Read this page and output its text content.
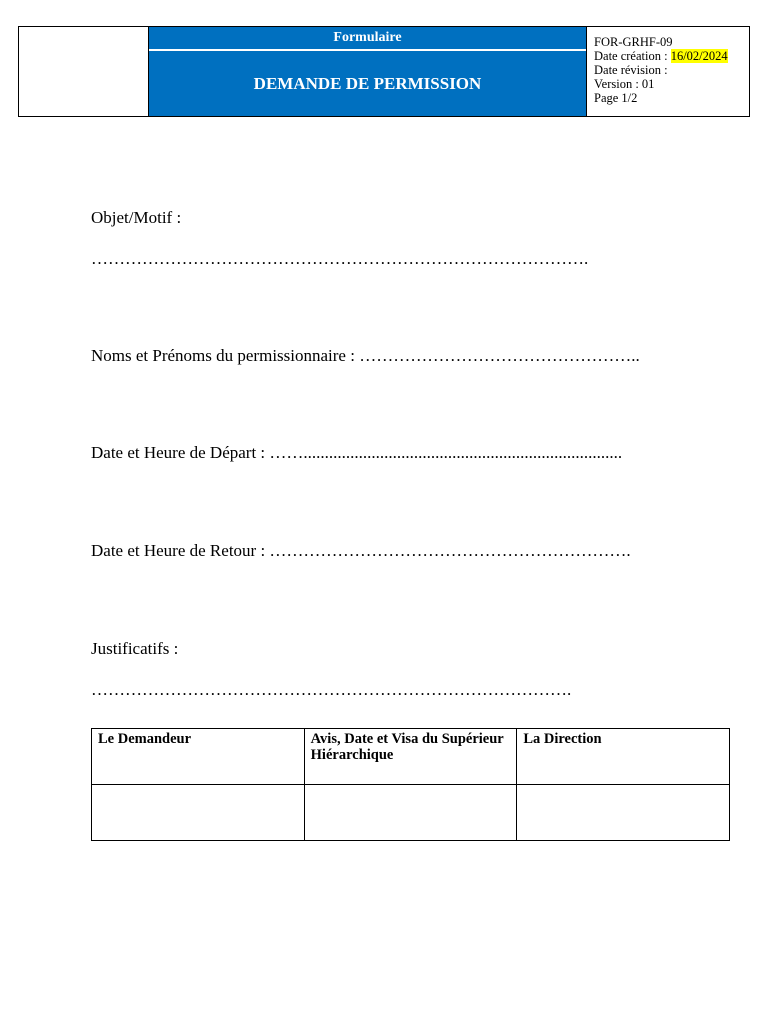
Formulaire
DEMANDE DE PERMISSION
FOR-GRHF-09
Date création : 16/02/2024
Date révision :
Version : 01
Page 1/2
Objet/Motif :
…………………………………………………………………………….
Noms et Prénoms du permissionnaire : …………………………………………..
Date et Heure de Départ : ……...........................................................................
Date et Heure de Retour : ……………………………………………………….
Justificatifs :
………………………………………………………………………….
Le Demandeur	Avis, Date et Visa du Supérieur Hiérarchique	La Direction
